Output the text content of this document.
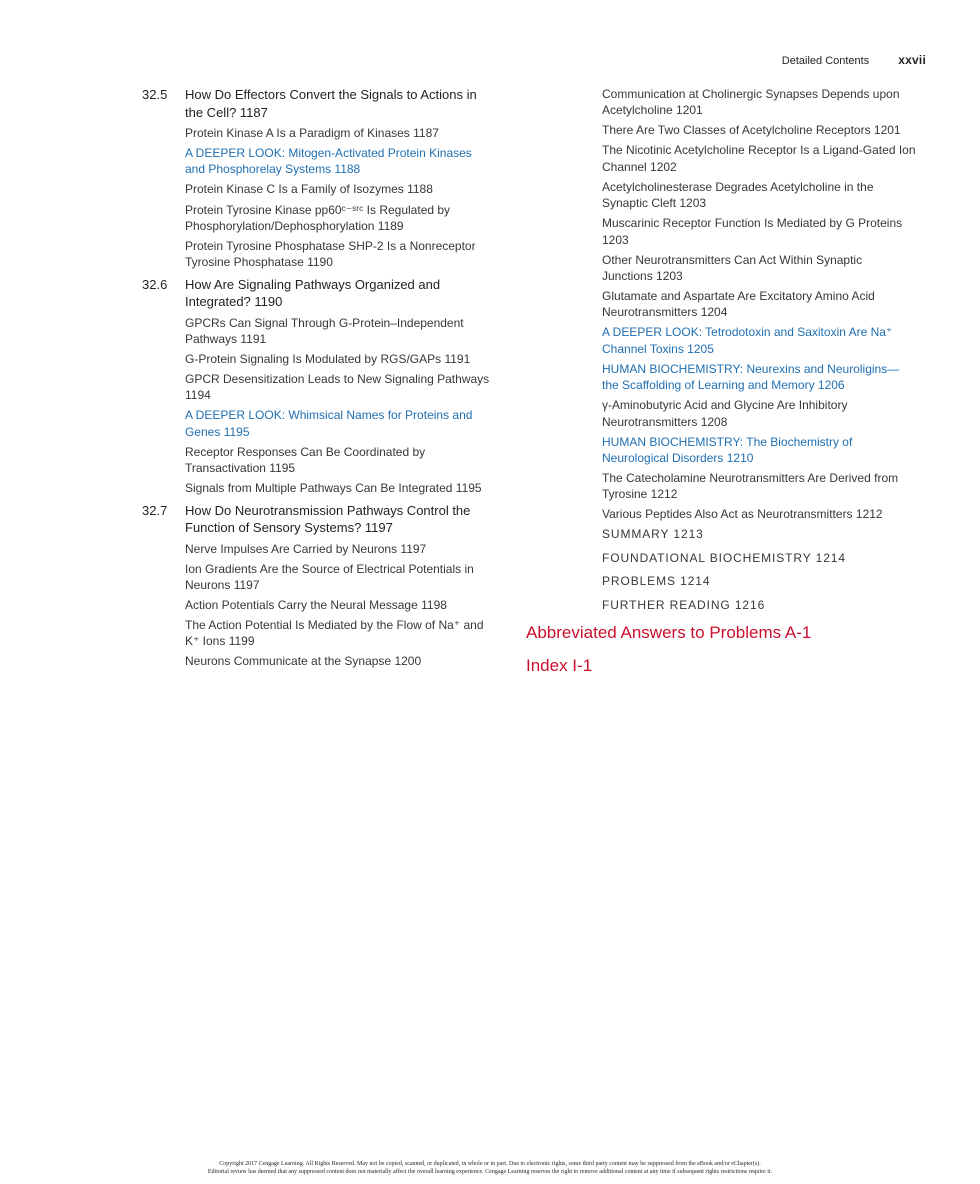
Detailed Contents xxvii
32.5 How Do Effectors Convert the Signals to Actions in the Cell? 1187
Protein Kinase A Is a Paradigm of Kinases 1187
A DEEPER LOOK: Mitogen-Activated Protein Kinases and Phosphorelay Systems 1188
Protein Kinase C Is a Family of Isozymes 1188
Protein Tyrosine Kinase pp60ᶜ⁻ˢʳᶜ Is Regulated by Phosphorylation/Dephosphorylation 1189
Protein Tyrosine Phosphatase SHP-2 Is a Nonreceptor Tyrosine Phosphatase 1190
32.6 How Are Signaling Pathways Organized and Integrated? 1190
GPCRs Can Signal Through G-Protein–Independent Pathways 1191
G-Protein Signaling Is Modulated by RGS/GAPs 1191
GPCR Desensitization Leads to New Signaling Pathways 1194
A DEEPER LOOK: Whimsical Names for Proteins and Genes 1195
Receptor Responses Can Be Coordinated by Transactivation 1195
Signals from Multiple Pathways Can Be Integrated 1195
32.7 How Do Neurotransmission Pathways Control the Function of Sensory Systems? 1197
Nerve Impulses Are Carried by Neurons 1197
Ion Gradients Are the Source of Electrical Potentials in Neurons 1197
Action Potentials Carry the Neural Message 1198
The Action Potential Is Mediated by the Flow of Na⁺ and K⁺ Ions 1199
Neurons Communicate at the Synapse 1200
Communication at Cholinergic Synapses Depends upon Acetylcholine 1201
There Are Two Classes of Acetylcholine Receptors 1201
The Nicotinic Acetylcholine Receptor Is a Ligand-Gated Ion Channel 1202
Acetylcholinesterase Degrades Acetylcholine in the Synaptic Cleft 1203
Muscarinic Receptor Function Is Mediated by G Proteins 1203
Other Neurotransmitters Can Act Within Synaptic Junctions 1203
Glutamate and Aspartate Are Excitatory Amino Acid Neurotransmitters 1204
A DEEPER LOOK: Tetrodotoxin and Saxitoxin Are Na⁺ Channel Toxins 1205
HUMAN BIOCHEMISTRY: Neurexins and Neuroligins— the Scaffolding of Learning and Memory 1206
γ-Aminobutyric Acid and Glycine Are Inhibitory Neurotransmitters 1208
HUMAN BIOCHEMISTRY: The Biochemistry of Neurological Disorders 1210
The Catecholamine Neurotransmitters Are Derived from Tyrosine 1212
Various Peptides Also Act as Neurotransmitters 1212
SUMMARY 1213
FOUNDATIONAL BIOCHEMISTRY 1214
PROBLEMS 1214
FURTHER READING 1216
Abbreviated Answers to Problems A-1
Index I-1
Copyright 2017 Cengage Learning. All Rights Reserved. May not be copied, scanned, or duplicated, in whole or in part. Due to electronic rights, some third party content may be suppressed from the eBook and/or eChapter(s).
Editorial review has deemed that any suppressed content does not materially affect the overall learning experience. Cengage Learning reserves the right to remove additional content at any time if subsequent rights restrictions require it.
